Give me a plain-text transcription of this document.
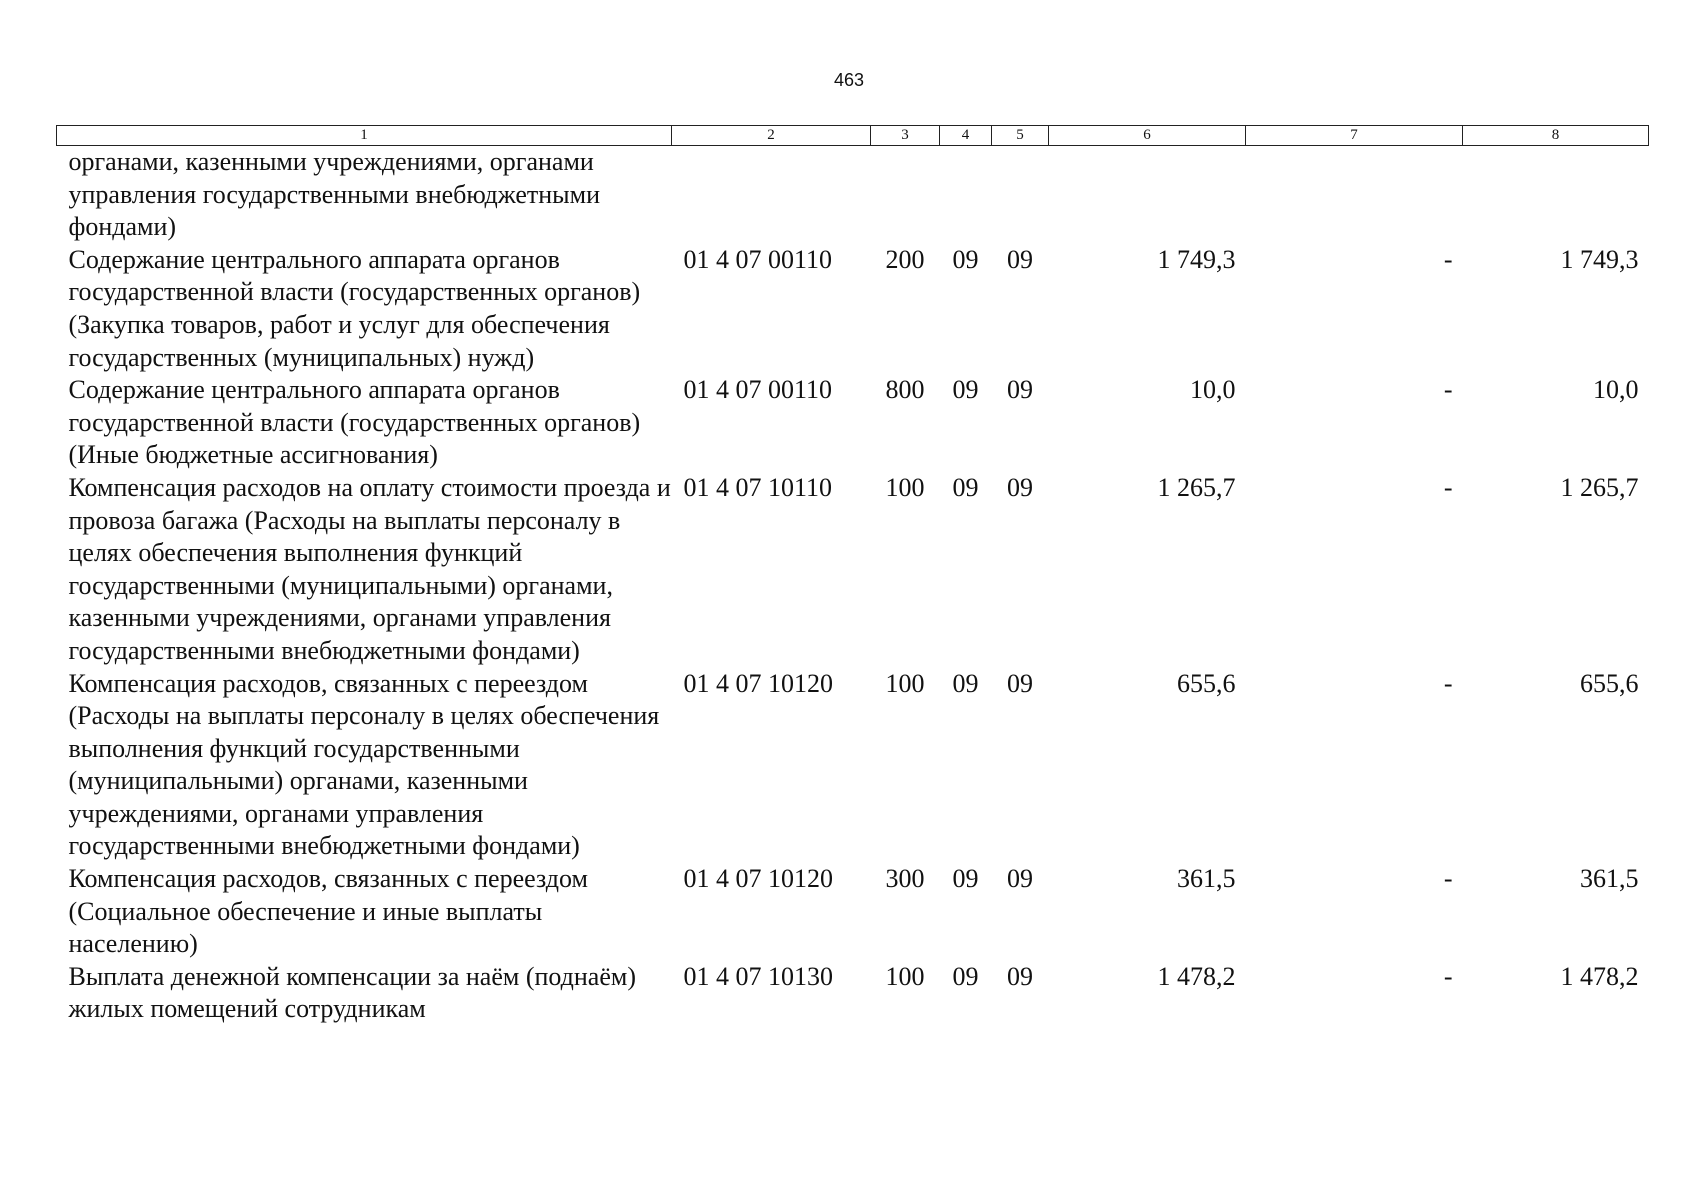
463
1	2	3	4	5	6	7	8
органами, казенными учреждениями, органами управления государственными внебюджетными фондами)							
Содержание центрального аппарата органов государственной власти (государственных органов) (Закупка товаров, работ и услуг для обеспечения государственных (муниципальных) нужд)	01 4 07 00110	200	09	09	1 749,3	-	1 749,3
Содержание центрального аппарата органов государственной власти (государственных органов) (Иные бюджетные ассигнования)	01 4 07 00110	800	09	09	10,0	-	10,0
Компенсация расходов на оплату стоимости проезда и провоза багажа (Расходы на выплаты персоналу в целях обеспечения выполнения функций государственными (муниципальными) органами, казенными учреждениями, органами управления государственными внебюджетными фондами)	01 4 07 10110	100	09	09	1 265,7	-	1 265,7
Компенсация расходов, связанных с переездом (Расходы на выплаты персоналу в целях обеспечения выполнения функций государственными (муниципальными) органами, казенными учреждениями, органами управления государственными внебюджетными фондами)	01 4 07 10120	100	09	09	655,6	-	655,6
Компенсация расходов, связанных с переездом (Социальное обеспечение и иные выплаты населению)	01 4 07 10120	300	09	09	361,5	-	361,5
Выплата денежной компенсации за наём (поднаём) жилых помещений сотрудникам	01 4 07 10130	100	09	09	1 478,2	-	1 478,2
